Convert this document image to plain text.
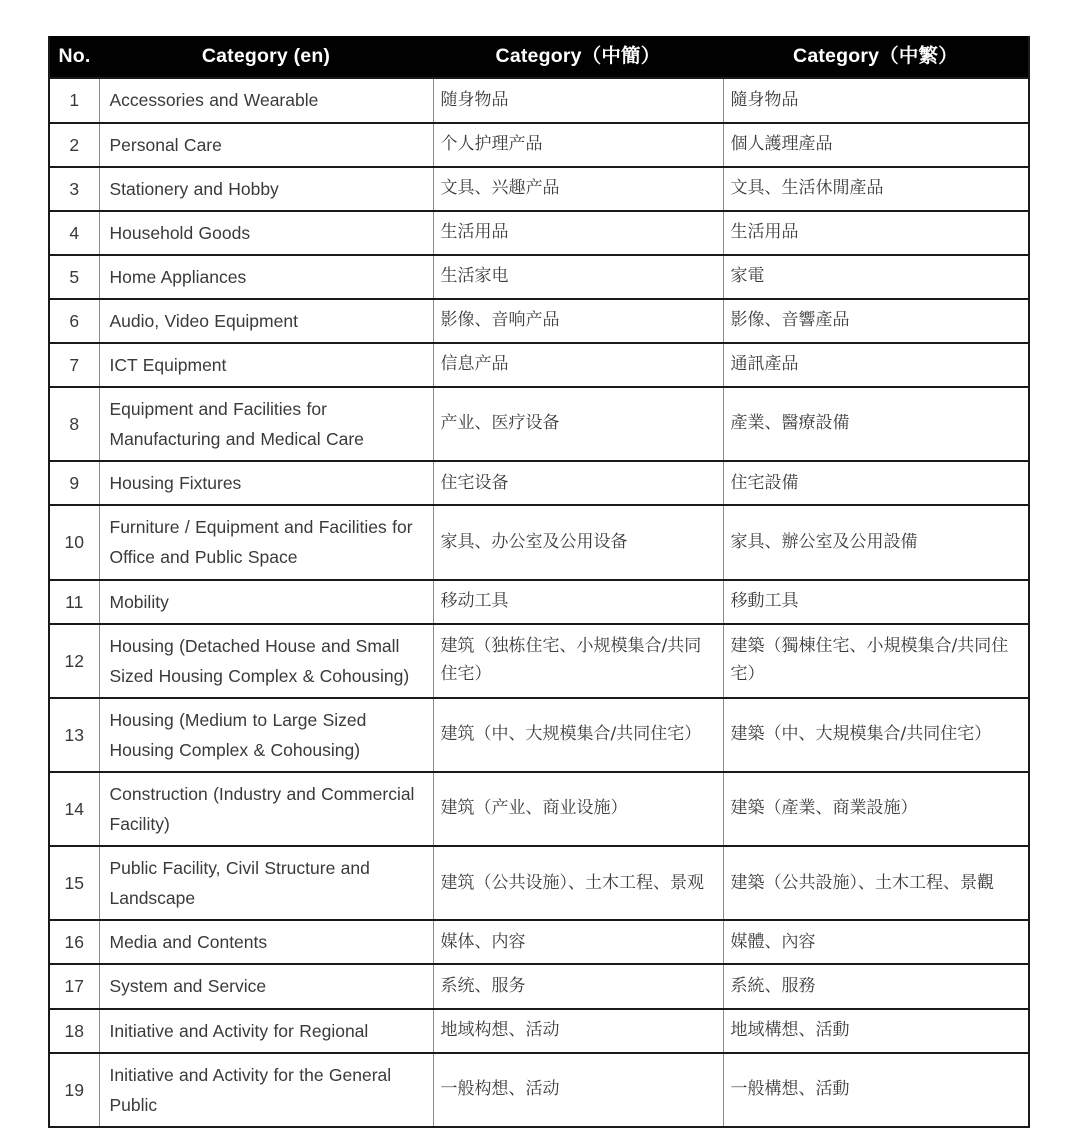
No.	Category (en)	Category（中簡）	Category（中繁）

1	Accessories and Wearable	随身物品	隨身物品

2	Personal Care	个人护理产品	個人護理產品

3	Stationery and Hobby	文具、兴趣产品	文具、生活休閒產品

4	Household Goods	生活用品	生活用品

5	Home Appliances	生活家电	家電

6	Audio, Video Equipment	影像、音响产品	影像、音響產品

7	ICT Equipment	信息产品	通訊產品

8	Equipment and Facilities for Manufacturing and Medical Care	产业、医疗设备	產業、醫療設備

9	Housing Fixtures	住宅设备	住宅設備

10	Furniture / Equipment and Facilities for Office and Public Space	家具、办公室及公用设备	家具、辦公室及公用設備

11	Mobility	移动工具	移動工具

12	Housing (Detached House and Small Sized Housing Complex & Cohousing)	建筑（独栋住宅、小规模集合/共同住宅）	建築（獨棟住宅、小規模集合/共同住宅）

13	Housing (Medium to Large Sized Housing Complex & Cohousing)	建筑（中、大规模集合/共同住宅）	建築（中、大規模集合/共同住宅）

14	Construction (Industry and Commercial Facility)	建筑（产业、商业设施）	建築（產業、商業設施）

15	Public Facility, Civil Structure and Landscape	建筑（公共设施）、土木工程、景观	建築（公共設施）、土木工程、景觀

16	Media and Contents	媒体、内容	媒體、內容

17	System and Service	系统、服务	系統、服務

18	Initiative and Activity for Regional	地域构想、活动	地域構想、活動

19	Initiative and Activity for the General Public	一般构想、活动	一般構想、活動
